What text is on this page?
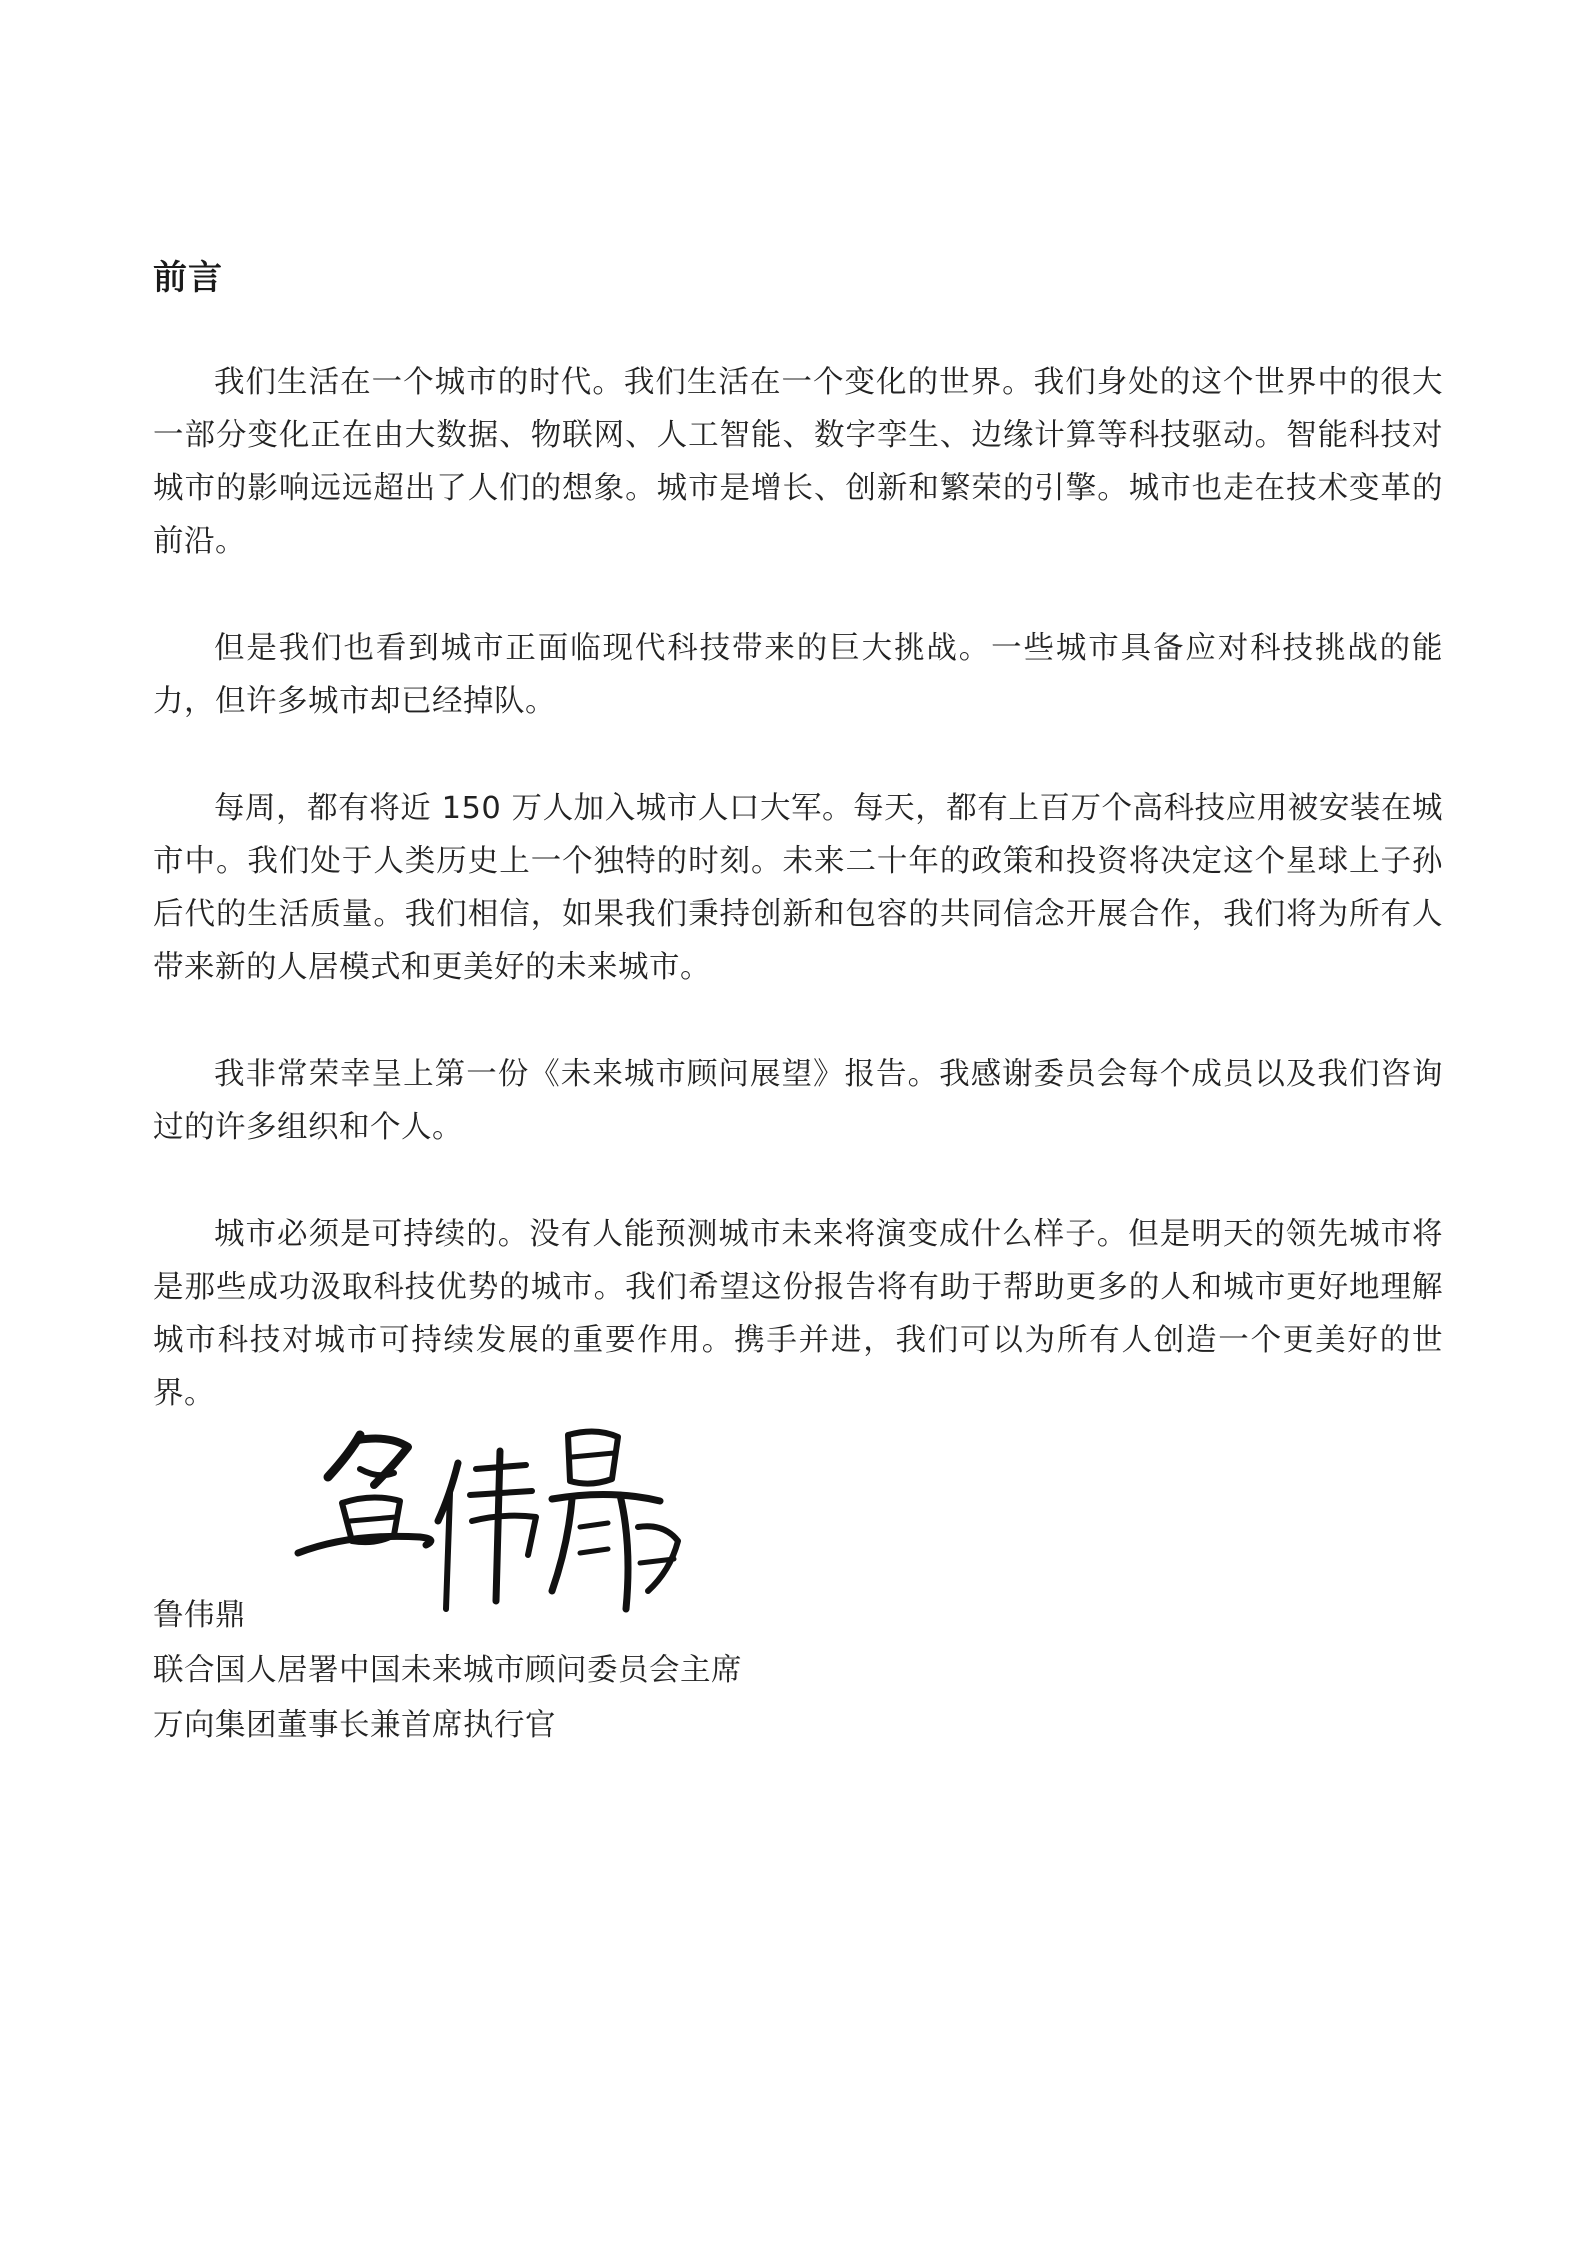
前言

我们生活在一个城市的时代。我们生活在一个变化的世界。我们身处的这个世界中的很大一部分变化正在由大数据、物联网、人工智能、数字孪生、边缘计算等科技驱动。智能科技对城市的影响远远超出了人们的想象。城市是增长、创新和繁荣的引擎。城市也走在技术变革的前沿。

但是我们也看到城市正面临现代科技带来的巨大挑战。一些城市具备应对科技挑战的能力，但许多城市却已经掉队。

每周，都有将近 150 万人加入城市人口大军。每天，都有上百万个高科技应用被安装在城市中。我们处于人类历史上一个独特的时刻。未来二十年的政策和投资将决定这个星球上子孙后代的生活质量。我们相信，如果我们秉持创新和包容的共同信念开展合作，我们将为所有人带来新的人居模式和更美好的未来城市。

我非常荣幸呈上第一份《未来城市顾问展望》报告。我感谢委员会每个成员以及我们咨询过的许多组织和个人。

城市必须是可持续的。没有人能预测城市未来将演变成什么样子。但是明天的领先城市将是那些成功汲取科技优势的城市。我们希望这份报告将有助于帮助更多的人和城市更好地理解城市科技对城市可持续发展的重要作用。携手并进，我们可以为所有人创造一个更美好的世界。

鲁伟鼎
联合国人居署中国未来城市顾问委员会主席
万向集团董事长兼首席执行官
